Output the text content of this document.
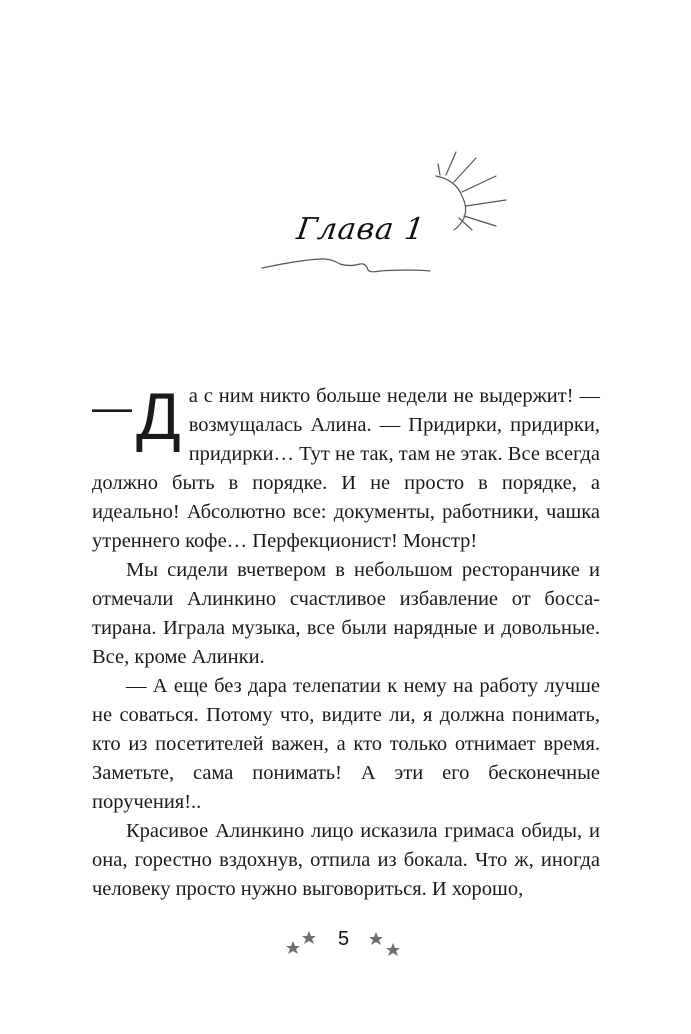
Глава 1

— Д а с ним никто больше недели не выдержит! — возмущалась Алина. — Придирки, придирки, придирки… Тут не так, там не этак. Все всегда должно быть в порядке. И не просто в порядке, а идеально! Абсолютно все: документы, работники, чашка утреннего кофе… Перфекционист! Монстр!

Мы сидели вчетвером в небольшом ресторанчике и отмечали Алинкино счастливое избавление от босса-тирана. Играла музыка, все были нарядные и довольные. Все, кроме Алинки.

— А еще без дара телепатии к нему на работу лучше не соваться. Потому что, видите ли, я должна понимать, кто из посетителей важен, а кто только отнимает время. Заметьте, сама понимать! А эти его бесконечные поручения!..

Красивое Алинкино лицо исказила гримаса обиды, и она, горестно вздохнув, отпила из бокала. Что ж, иногда человеку просто нужно выговориться. И хорошо,

5
